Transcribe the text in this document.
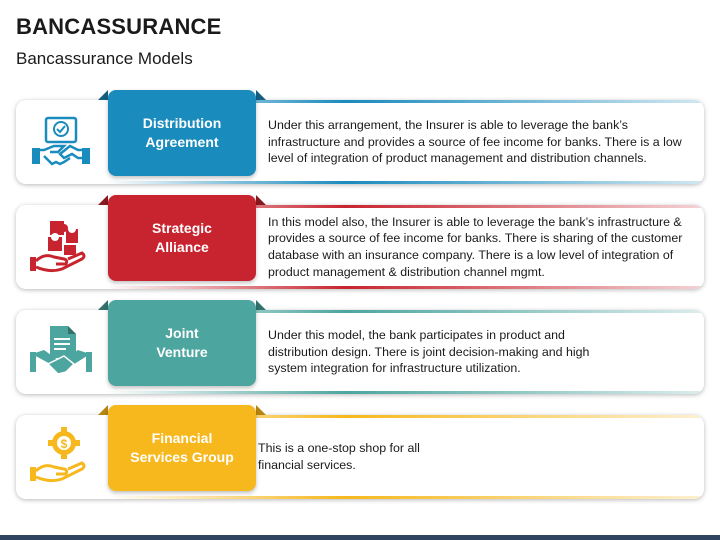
BANCASSURANCE
Bancassurance Models
Distribution
Agreement
Under this arrangement, the Insurer is able to leverage the bank’s infrastructure and provides a source of fee income for banks. There is a low level of integration of product management and distribution channels.
Strategic
Alliance
In this model also, the Insurer is able to leverage the bank’s infrastructure & provides a source of fee income for banks. There is sharing of the customer database with an insurance company. There is a low level of integration of product management & distribution channel mgmt.
Joint
Venture
Under this model, the bank participates in product and distribution design. There is joint decision-making and high system integration for infrastructure utilization.
$	Financial
Services Group
This is a one-stop shop for all financial services.
